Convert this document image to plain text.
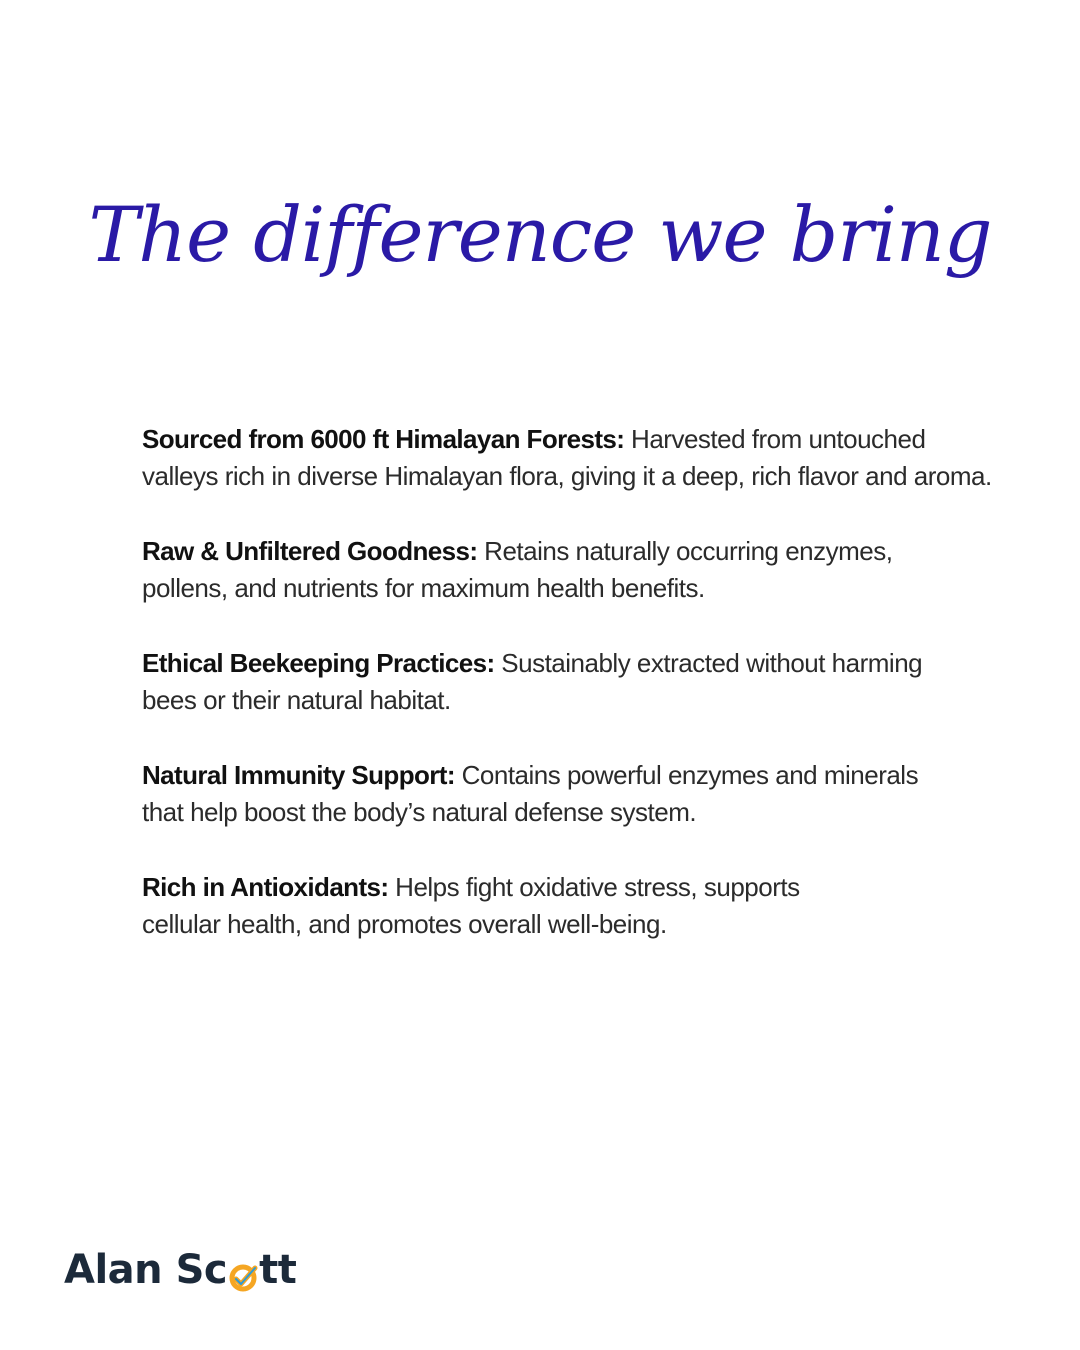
The difference we bring

Sourced from 6000 ft Himalayan Forests: Harvested from untouched
valleys rich in diverse Himalayan flora, giving it a deep, rich flavor and aroma.

Raw & Unfiltered Goodness: Retains naturally occurring enzymes,
pollens, and nutrients for maximum health benefits.

Ethical Beekeeping Practices: Sustainably extracted without harming
bees or their natural habitat.

Natural Immunity Support: Contains powerful enzymes and minerals
that help boost the body’s natural defense system.

Rich in Antioxidants: Helps fight oxidative stress, supports
cellular health, and promotes overall well-being.

Alan Sc tt
